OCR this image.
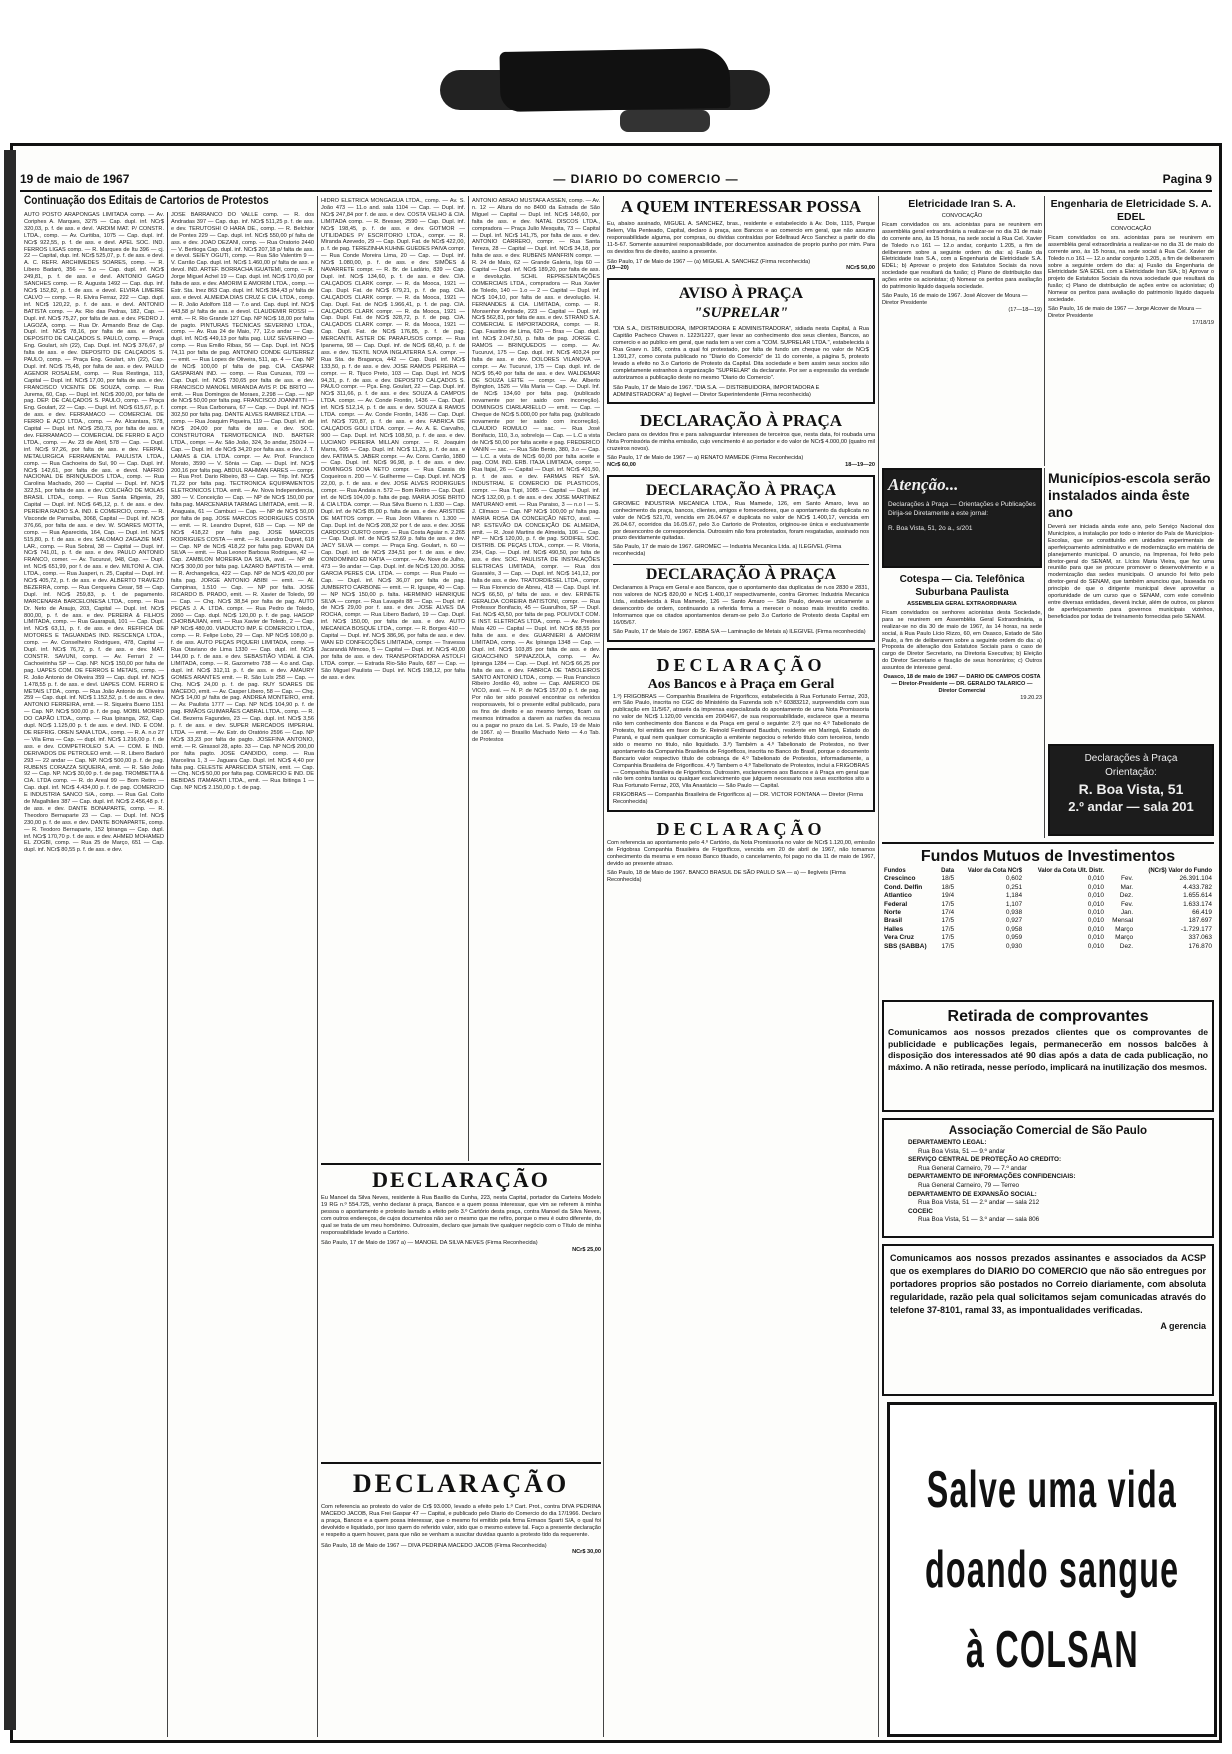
19 de maio de 1967	— DIARIO DO COMERCIO —	Pagina 9
Continuação dos Editais de Cartorios de Protestos
AUTO POSTO ARAPONGAS LIMITADA comp. — Av. Coriphes A. Marques, 3275 — Cap. dupl. inf. NCr$ 320,03, p. f. de ass. e devl. 'ARDIM MAT. P/ CONSTR. LTDA., comp. — Av. Curitiba, 1075 — Cap. dupl. inf. NCr$ 922,55, p. f. de ass. e devl. APEL SOC. IND. FERROS LIGAS comp. — R. Marques de Itu 396 — cj. 22 — Capital, dup. inf. NCr$ 525,07, p. f. de ass. e devl. A. C. REFR. ARCHIMEDES SOARES, comp. — R. Libero Badaró, 356 — 5.o — Cap. dupl. inf. NCr$ 249,81, p. f. de ass. e devl. ANTONIO GAGO SANCHES comp. — R. Augusta 1492 — Cap. dup. inf. NCr$ 152,82, p. f. de ass. e devol. ELVIRA LIMEIRE CALVO — comp. — R. Elvira Ferraz, 222 — Cap. dupl. inf. NCr$ 120,22, p. f. de ass. e devl. ANTONIO BATISTA comp. — Av. Rio das Pedras, 182, Cap. — Dupl. inf. NCr$ 75,27, por falta de ass. e dev. PEDRO J. LAGOZA, comp. — Rua Dr. Armando Braz de Cap. Dupl. inf. NCr$ 78,16, por falta de ass. e devol. DEPOSITO DE CALÇADOS S. PAULO, comp. — Praça Eng. Goulart, s/n (22), Cap. Dupl. inf. NCr$ 376,67, p/ falta de ass. e dev. DEPOSITO DE CALÇADOS S. PAULO, comp. — Praça Eng. Goulart, s/n (22), Cap. Dupl. inf. NCr$ 75,48, por falta de ass. e dev. PAULO AGENOR ROSALEM, comp. — Rua Restinga, 113, Capital — Dupl. inf. NCr$ 17,00, por falta de ass. e dev. FRANCISCO VICENTE DE SOUZA, comp. — Rua Jurema, 60, Cap. — Dupl. inf. NCr$ 200,00, por falta de pag. DEP. DE CALÇADOS S. PAULO, comp. — Praça Eng. Goulart, 22 — Cap. — Dupl. inf. NCr$ 615,67, p. f. de ass. e dev. FERRAMACO — COMERCIAL DE FERRO E AÇO LTDA., comp. — Av. Alcantara, 578, Capital — Dupl. inf. NCr$ 250,73, por falta de ass. e dev. FERRAMACO — COMERCIAL DE FERRO E AÇO LTDA., comp. — Av. 23 de Abril, 578 — Cap. — Dupl. inf. NCr$ 97,26, por falta de ass. e dev. FERPAL METALURGICA FERRAMENTAL PAULISTA LTDA., comp. — Rua Cachoeira do Sul, 90 — Cap. Dupl. inf. NCr$ 142,61, por falta de ass. e devol. NAFRIO NACIONAL DE BRINQUEDOS LTDA., comp. — Rua Carolina Machado, 260 — Capital — Dupl. inf. NCr$ 322,51, por falta de ass. e dev. COLCHÃO DE MOLAS BRASIL LTDA., comp. — Rua Santa Efigenia, 29, Capital — Dupl. inf. NCr$ 645,12, p. f. de ass. e dev. PEREIRA RADIO S.A. IND. E COMERCIO, comp. — R. Visconde de Parnaíba, 3068, Capital — Dupl. inf. NCr$ 376,66, por falta de ass. e dev. W. SOARES MOTTA, comp. — Rua Aparecida, 164, Cap. — Dupl. inf. NCr$ 515,80, p. f. de ass. e dev. SALOMAO ZAGAZIE MAT. LAR., comp. — Rua Sobral, 38 — Capital — Dupl. inf. NCr$ 741,01, p. f. de ass. e dev. PAULO ANTONIO FRANCO, comer. — Av. Tucuruvi, 948, Cap. — Dupl. inf. NCr$ 651,99, por f. de ass. e dev. MILTONI A. CIA. LTDA., comp. — Rua Juaperi, n. 25, Capital — Dupl. inf. NCr$ 405,72, p. f. de ass. e dev. ALBERTO TRAVEZO BEZERRA, comp. — Rua Cerqueira Cesar, 58 — Cap. Dupl. inf. NCr$ 259,83, p. f. de pagamento. MARCENARIA BARCELONESA LTDA., comp. — Rua Dr. Neto de Araujo, 203, Capital — Dupl. inf. NCr$ 800,00, p. f. de ass. e dev. PEREIRA & FILHOS LIMITADA, comp. — Rua Guarapuã, 101 — Cap. Dupl. inf. NCr$ 63,11, p. f. de ass. e dev. REFIFICA DE MOTORES E TAGUANDAS IND. RESCENÇA LTDA., comp. — Av. Conselheiro Rodrigues, 478, Capital — Dupl. inf. NCr$ 76,72, p. f. de ass. e dev. MAT. CONSTR. SAVUNI, comp. — Av. Ferrari 2 — Cachoeirinha SP — Cap. NP. NCr$ 150,00 por falta de pag. UAPES COM. DE FERROS E METAIS, comp. — R. João Antonio de Oliveira 359 — Cap. dupl. inf. NCr$ 1.478,55 p. f. de ass. e devl. UAPES COM. FERRO E METAIS LTDA., comp. — Rua João Antonio de Oliveira 259 — Cap. dupl. inf. NCr$ 1.152,52, p. f. de ass. e dev. ANTONIO FERREIRA, emit. — R. Siqueira Bueno 1151 — Cap. NP. NCr$ 500,00 p. f. de pag. MOBIL MORRO DO CAPÃO LTDA., comp. — Rua Ipiranga, 262, Cap. dupl. NCr$ 1.125,00 p. f. de ass. e devl. IND. E COM. DE REFRIG. OREN SANA LTDA., comp. — R. A. n.o 27 — Vila Ema — Cap. — dupl. inf. NCr$ 1.216,00 p. f. de ass. e dev. COMPETROLEO S.A. — COM. E IND. DERIVADOS DE PETROLEO emit. — R. Libero Badaró 293 — 22 andar — Cap. NP. NCr$ 500,00 p. f. de pag. RUBENS CORAZZA SIQUEIRA, emit. — R. São João 92 — Cap. NP. NCr$ 30,00 p. f. de pag. TROMBETTA & CIA. LTDA comp. — R. do Areal 99 — Bom Retiro — Cap. dupl. inf. NCr$ 4.434,00 p. f. de pag. COMERCIO E INDUSTRIA SANCO S/A., comp. — Rua Gal. Coito de Magalhães 387 — Cap. dupl. inf. NCr$ 2.456,48 p. f. de ass. e dev. DANTE BONAPARTE, comp. — R. Theodoro Bernaparte 23 — Cap. — Dupl. Inf. NCr$ 230,00 p. f. de ass. e dev. DANTE BONAPARTE, comp. — R. Teodoro Bernaparte, 152 Ipiranga — Cap. dupl. inf. NCr$ 170,70 p. f. de ass. e dev. AHMED MOHAMED EL ZOGBI, comp. — Rua 25 de Março, 651 — Cap. dupl. inf. NCr$ 80,55 p. f. de ass. e dev.
JOSE BARRANCO DO VALLE comp. — R. dos Andradas 397 — Cap. dup. inf. NCr$ 511,25 p. f. de ass. e dev. TERUTOSHI O HARA DE., comp. — R. Belchior de Pontes 229 — Cap. dupl. inf. NCr$ 550,00 p/ falta de ass. e dev. JOAO DEZANI, comp. — Rua Oratorio 2440 — V. Bertioga Cap. dupl. inf. NCr$ 207,18 p/ falta de ass. e devol. SEIEY OGUTI, comp. — Rua São Valentim 9 — V. Carrão Cap. dupl. inf. NCr$ 1.460,00 p/ falta de ass. e devol. IND. ARTEF. BORRACHA IGUATEMI, comp. — R. Jorge Miguel Achel 19 — Cap. dupl. inf. NCr$ 170,60 por falta de ass. e dev. AMORIM E AMORIM LTDA., comp. — Estr. Sta. Inez 863 Cap. dupl. inf. NCr$ 384,43 p/ falta de ass. e devol. ALMEIDA DIAS CRUZ E CIA. LTDA., comp. — R. João Adolfom 118 — 7.o and. Cap. dupl. inf. NCr$ 443,58 p/ falta de ass. e devol. CLAUDEMIR ROSSI — emit. — R. Rio Grande 127 Cap. NP NCr$ 18,00 por falta de pagto. PINTURAS TECNICAS SEVERINO LTDA., comp. — Av. Rua 24 de Maio, 77, 12.o andar — Cap. dupl. inf. NCr$ 449,13 por falta pag. LUIZ SEVERINO — comp. — Rua Emilio Ribas, 56 — Cap. Dupl. inf. NCr$ 74,11 por falta de pag. ANTONIO CONDE GUTERREZ — emit. — Rua Lopes de Oliveira, 511, ap. 4 — Cap. NP de NCr$ 100,00 p/ falta de pag. CIA. CASPAR GASPARIAN IND. — comp. — Rua Curuzas, 709 — Cap. Dupl. inf. NCr$ 730,65 por falta de ass. e dev. FRANCISCO MANOEL MIRANDA AVIS P. DE BRITO — emit. — Rua Domingos de Moraes, 2.298 — Cap. — NP de NCr$ 50,00 por falta pag. FRANCISCO JOANNITTI — compr. — Rua Carbonara, 67 — Cap. — Dupl. inf. NCr$ 302,50 por falta pag. DANTE ALVES RAMIREZ LTDA. — comp. — Rua Joaquim Piqueira, 119 — Cap. Dupl. inf. de NCr$ 204,00 por falta de ass. e dev. SOC. CONSTRUTORA TERMOTECNICA IND. BARTER LTDA., compr. — Av. São João, 324, 3o andar, 250/24 — Cap. — Dupl. inf. de NCr$ 34,20 por falta ass. e dev. J. T. LAMAS & CIA. LTDA. compr. — Av. Prof. Francisco Morato, 3590 — V. Sônia — Cap. — Dupl. inf. NCr$ 200,16 por falta pag. ABDUL RAHMAN FARES — compr. — Rua Prof. Dario Ribeiro, 83 — Cap. — Trip. Inf. NCr$ 71,22 por falta pag. TECTRONICA EQUIPAMENTOS ELETRONICOS LTDA. emit. — Av. Nova Independencia, 380 — V. Conceição — Cap. — NP de NCr$ 150,00 por falta pag. MARCENARIA TARMAG LIMITADA, emit. — R. Anaguaia, 61 — Cambuci — Cap. — NP de NCr$ 50,00 por falta de pag. JOSE MARCOS RODRIGUES COSTA — emit. — R. Leandro Dupret, 618 — Cap. — NP de NCr$ 418,22 por falta pag. JOSE MARCOS RODRIGUES COSTA — emit. — R. Leandro Dupret, 618 — Cap. NP de NCr$ 418,22 por falta pag. EDVAN DA SILVA — emit. — Rua Leonor Barbosa Rodrigues, 42 — Cap. ZAMBLON MOREIRA DA SILVA, aval. — NP de NCr$ 300,00 por falta pag. LAZARO BAPTISTA — emit. — R. Archangelica, 422 — Cap. NP de NCr$ 420,00 por falta pag. JORGE ANTONIO ABIBI — emit. — Al. Campinas, 1.510 — Cap. — NP por falta. JOSE RICARDO B. PRADO, emit. — R. Xavier de Toledo, 99 — Cap. — Chq. NCr$ 38,54 por falta de pag. AUTO PEÇAS J. A. LTDA. compr. — Rua Pedro de Toledo, 2060 — Cap. dupl. NCr$ 120,00 p. f. de pag. HAGOP CHORBAJIAN, emit. — Rua Xavier de Toledo, 2 — Cap. NP NCr$ 480,00. VIADUCTO IMP. E COMERCIO LTDA., comp. — R. Felipe Lobo, 29 — Cap. NP NCr$ 108,00 p. f. de ass. AUTO PEÇAS PIQUERI LIMITADA, comp. — Rua Otaviano de Lima 1330 — Cap. dupl. inf. NCr$ 144,00 p. f. de ass. e dev. SEBASTIÃO VIDAL & CIA. LIMITADA, comp. — R. Gazometro 738 — 4.o and. Cap. dupl. inf. NCr$ 312,11 p. f. de ass. e dev. AMAURY GOMES ARANTES emit. — R. São Luís 258 — Cap. — Chq. NCr$ 24,00 p. f. de pag. RUY SOARES DE MACEDO, emit. — Av. Casper Libero, 58 — Cap. — Chq. NCr$ 14,00 p/ falta de pag. ANDREA MONTEIRO, emit. — Av. Paulista 1777 — Cap. NP NCr$ 104,90 p. f. de pag. IRMÃOS GUIMARÃES CABRAL LTDA., comp. — R. Cel. Bezerra Fagundes, 23 — Cap. dupl. inf. NCr$ 3,56 p. f. de ass. e dev. SUPER MERCADOS IMPERIAL LTDA. — emit. — Av. Estr. do Oratório 2596 — Cap. NP NCr$ 33,23 por falta de pagto. JOSEFINA ANTONIO, emit. — R. Girassol 28, apto. 33 — Cap. NP NCr$ 200,00 por falta pagto. JOSE CANDIDO, comp. — Rua Marcelina 1, 3 — Jaguara Cap. Dupl. inf. NCr$ 4,40 por falta pag. CELESTE APARECIDA STEIN, emit. — Cap. — Chq. NCr$ 50,00 por falta pag. COMERCIO E IND. DE BEBIDAS ITAMARATI LTDA., emit. — Rua Ibitinga 1 — Cap. NP NCr$ 2.150,00 p. f. de pag.
HIDRO ELETRICA MONGAGUA LTDA., comp. — Av. S. João 473 — 11.o and. sala 1104 — Cap. — Dupl. inf. NCr$ 247,84 por f. de ass. e dev. COSTA VELHO & CIA. LIMITADA comp. — R. Bresser, 2590 — Cap. Dupl. inf. NCr$ 198,45, p. f. de ass. e dev. GOTMOR — UTILIDADES P/ ESCRITORIO LTDA., compr. — R. Miranda Azevedo, 29 — Cap. Dupl. Fat. de NCr$ 422,00, p. f. de pag. TEREZINHA KUHNE GUEDES PAIVA compr. — Rua Conde Moreira Lima, 20 — Cap. — Dupl. inf. NCr$ 1.080,00, p. f. de ass. e dev. SIMÕES & NAVARRETE compr. — R. Br. de Ladário, 839 — Cap. Dupl. inf. NCr$ 134,60, p. f. de ass. e dev. CIA. CALÇADOS CLARK compr. — R. da Mooca, 1921 — Cap. Dupl. Fat. de NCr$ 679,21, p. f. de pag. CIA. CALÇADOS CLARK compr. — R. da Mooca, 1921 — Cap. Dupl. Fat. de NCr$ 1.966,41, p. f. de pag. CIA. CALÇADOS CLARK compr. — R. da Mooca, 1921 — Cap. Dupl. Fat. de NCr$ 328,72, p. f. de pag. CIA. CALÇADOS CLARK compr. — R. da Mooca, 1921 — Cap. Dupl. Fat. de NCr$ 176,85, p. f. de pag. MERCANTIL ASTER DE PARAFUSOS compr. — Rua Ipanema, 98 — Cap. Dupl. inf. de NCr$ 68,40, p. f. de ass. e dev. TEXTIL NOVA INGLATERRA S.A. compr. — Rua Sta. de Bragança, 442 — Cap. Dupl. inf. NCr$ 133,50, p. f. de ass. e dev. JOSE RAMOS PEREIRA — compr. — R. Tijuco Preto, 103 — Cap. Dupl. inf. NCr$ 94,31, p. f. de ass. e dev. DEPOSITO CALÇADOS S. PAULO compr. — Pça. Eng. Goulart, 22 — Cap. Dupl. inf. NCr$ 311,66, p. f. de ass. e dev. SOUZA & CAMPOS LTDA. compr. — Av. Conde Frontin, 1436 — Cap. Dupl. inf. NCr$ 512,14, p. f. de ass. e dev. SOUZA & RAMOS LTDA. compr. — Av. Conde Frontin, 1436 — Cap. Dupl. inf. NCr$ 720,87, p. f. de ass. e dev. FABRICA DE CALÇADOS GOLI LTDA. compr. — Av. A. E. Carvalho, 900 — Cap. Dupl. inf. NCr$ 108,50, p. f. de ass. e dev. LUCIANO PEREIRA MILLAN compr. — R. Joaquim Marra, 605 — Cap. Dupl. inf. NCr$ 11,23, p. f. de ass. e dev. FATIMA S. JABER compr. — Av. Cons. Carrão, 1880 — Cap. Dupl. inf. NCr$ 96,98, p. f. de ass. e dev. DOMINGOS DOIA NETO compr. — Rua Cassia do Coqueiros n. 200 — V. Guilherme — Cap. Dupl. inf. NCr$ 22,00, p. f. de ass. e dev. JOSE ALVES RODRIGUES compr. — Rua Andaia n. 572 — Bom Retiro — Cap. Dupl. inf. de NCr$ 104,00 p. falta de pag. MARIA JOSE BRITO & CIA LTDA. compr. — Rua Silva Bueno n. 1.830 — Cap. Dupl. inf. de NCr$ 85,00 p. falta de ass. e dev. ARISTIDE DE MATTOS compr. — Rua Joon Villares n. 1.300 — Cap. Dupl. inf. de NCr$ 208,32 por f. de ass. e dev. JOSE CARDOSO CURTO compr. — Rua Costa Aguiar n. 2.265 — Cap. Dupl. inf. de NCr$ 52,69 p. falta de ass. e dev. JACY SILVA — compr. — Praça Eng. Goulart, n. 60 — Cap. Dupl. inf. de NCr$ 234,51 por f. de ass. e dev. CONDOMINIO ED KATIA — compr. — Av. Nove de Julho, 473 — 9o andar — Cap. Dupl. inf. de NCr$ 120,00. JOSE GARCIA PERES CIA. LTDA. — compr. — Rua Paulo — Cap. — Dupl. inf. NCr$ 36,07 por falta de pag. JUMBERTO CARBONE — emit. — R. Iguape, 40 — Cap. — NP NCr$ 150,00 p. falta. HERMINIO HENRIQUE SILVA — compr. — Rua Lavapés 88 — Cap. — Dupl. inf. de NCr$ 29,00 por f. ass. e dev. JOSE ALVES DA ROCHA, compr. — Rua Libero Badaró, 19 — Cap. Dupl. inf. NCr$ 150,00, por falta de ass. e dev. AUTO MECANICA BOSQUE LTDA., compr. — R. Borges 410 — Capital — Dupl. inf. NCr$ 386,96, por falta de ass. e dev. WAN ED CONFECÇÕES LIMITADA, compr. — Travessa Jacarandá Mimoso, 5 — Capital — Dupl. inf. NCr$ 40,00 por falta de ass. e dev. TRANSPORTADORA ASTOLFI LTDA. compr. — Estrada Rio-São Paulo, 687 — Cap. — São Miguel Paulista — Dupl. inf. NCr$ 198,12, por falta de ass. e dev.
ANTONIO ABRÃO MUSTAFA ASSEN, comp. — Av. n. 12 — Altura do no 8400 da Estrada de São Miguel — Capital — Dupl. inf. NCr$ 148,60, por falta de ass. e dev. NATAL DISCOS LTDA., compradora — Praça Julio Mesquita, 73 — Capital — Dupl. inf. NCr$ 141,75, por falta de ass. e dev. ANTONIO CARRERO, compr. — Rua Santa Tereza, 28 — Capital — Dupl. inf. NCr$ 34,18, por falta de ass. e dev. RUBENS MANFRIN compr. — R. 24 de Maio, 62 — Grande Galeria, loja 60 — Capital — Dupl. inf. NCr$ 189,20, por falta de ass. e devolução. SCHIL REPRESENTAÇÕES COMERCIAIS LTDA., compradora — Rua Xavier de Toledo, 140 — 1.o — 2 — Capital — Dupl. inf. NCr$ 104,10, por falta de ass. e devolução. H. FERNANDES & CIA. LIMITADA, comp. — R. Monsenhor Andrade, 223 — Capital — Dupl. inf. NCr$ 562,81, por falta de ass. e dev. STRANO S.A. COMERCIAL E IMPORTADORA, compr. — R. Cap. Faustino de Lima, 620 — Bras — Cap. dupl. inf. NCr$ 2.047,50, p. falta de pag. JORGE C. RAMOS — BRINQUEDOS — comp. — Av. Tucuruvi, 175 — Cap. dupl. inf. NCr$ 403,24 por falta de ass. e dev. DOLORES VILANOVA — compr. — Av. Tucuruvi, 175 — Cap. dupl. inf. de NCr$ 95,40 por falta de ass. e dev. WALDEMAR DE SOUZA LEITE — compr. — Av. Alberto Byington, 1526 — Vila Maria — Cap. — Dupl. Inf. de NCr$ 134,60 por falta pag. (publicado novamente por ter saido com incorreção). DOMINGOS CIARLARIELLO — emit. — Cap. — Cheque de NCr$ 5.000,00 por falta pag. (publicado novamente por ter saido com incorreção). CLAUDIO ROMULO — sac. — Rua José Bonifacio, 110, 3.o, sobreloja — Cap. — L.C a vista de NCr$ 50,00 por falta aceite e pag. FREDERICO VANIN — sac. — Rua São Bento, 380, 3.o — Cap. — L.C. a vista de NCr$ 60,00 por falta aceite e pag. COM. IND. ERB. ITAJA LIMITADA, compr. — Rua Itajaí, 26 — Capital — Dupl. inf. NCr$ 401,50, p. f. de ass. e dev. FARMAS REY S/A. INDUSTRIAL E COMERCIO DE PLASTICOS, compr. — Rua Tupi, 1085 — Capital — Dupl. inf. NCr$ 132,00, p. f. de ass. e dev. JOSE MARTINEZ MATURANO emit. — Rua Paraiso, 3 — n.o I — S. J. Clímaco — Cap. NP NCr$ 100,00 p/ falta pag. MARIA ROSA DA CONCEIÇÃO NETO, aval. — NP. ESTEVÃO DA CONCEIÇÃO DE ALMEIDA, emit. — R. José Martins de Almeida, 106 — Cap. NP — NCr$ 120,00, p. f. de pag. SODIFEL SOC. DISTRIB. DE PEÇAS LTDA., compr. — R. Vitoria, 234, Cap. — Dupl. inf. NCr$ 490,50, por falta de ass. e dev. SOC. PAULISTA DE INSTALAÇÕES ELETRICAS LIMITADA, compr. — Rua dos Guaraiés, 3 — Cap. — Dupl. inf. NCr$ 141,12, por falta de ass. e dev. TRATORDIESEL LTDA., compr. — Rua Florencio de Abreu, 418 — Cap. Dupl. inf. NCr$ 66,50, p/ falta de ass. e dev. ERINETE GERALDA COREIRA BATISTONI, compr. — Rua Professor Bonifacio, 45 — Guarulhos, SP — Dupl. Fat. NCr$ 43,50, por falta de pag. POLIVOLT COM. E INST. ELETRICAS LTDA., comp. — Av. Prestes Maia 420 — Capital — Dupl. inf. NCr$ 88,55 por falta de ass. e dev. GUARNIERI & AMORIM LIMITADA, comp. — Av. Ipiranga 1348 — Cap. — Dupl. inf. NCr$ 103,85 por falta de ass. e dev. GIOACCHINO SPINAZZOLA, comp. — Av. Ipiranga 1284 — Cap. — Dupl. inf. NCr$ 66,25 por falta de ass. e dev. FABRICA DE TABOLEIROS SANTO ANTONIO LTDA., comp. — Rua Francisco Ribeiro Jordão 49, sobre — Cap. AMERICO DE VICO, aval. — N. P. de NCr$ 157,00 p. f. de pag. Por não ter sido possivel encontrar os referidos responsaveis, foi o presente edital publicado, para os fins de direito e ao mesmo tempo, ficam os mesmos intimados a darem as razões da recusa ou a pagar no prazo da Lei. S. Paulo, 19 de Maio de 1967. a) — Brasilio Machado Neto — 4.o Tab. de Protestos
DECLARAÇÃO
Eu Manoel da Silva Neves, residente à Rua Basílio da Cunha, 223, nesta Capital, portador da Carteira Modelo 19 RG n.º 554.725, venho declarar à praça, Bancos e a quem possa interessar, que vim se referem à minha pessoa o apontamento e protesto lavrado a efeito pelo 3.º Cartório desta praça, contra Manoel da Silva Neves, com outros endereços, de cujos documentos não ser o mesmo que me refiro, porque o meu é outro diferente, do qual se trata de um meu homônimo. Outrossim, declaro que jamais tive qualquer negócio com o Título de minha responsabilidade levado a Cartório.
São Paulo, 17 de Maio de 1967 a) — MANOEL DA SILVA NEVES (Firma Reconhecida)
NCr$ 25,00
DECLARAÇÃO
Com referencia ao protesto do valor de Cr$ 93.000, levado a efeito pelo 1.º Cart. Prot., contra DIVA PEDRINA MACEDO JACOB, Rua Frei Gaspar 47 — Capital, e publicado pelo Diario do Comercio do dia 17/1966. Declaro a praça, Bancos e a quem possa interessar, que o mesmo foi emitido pela firma Ermaos Sparti S/A, o qual foi devolvido e liquidado, por isso quem do referido valor, sido que o mesmo esteve tal. Faço a presente declaração e respeito a quem houver, para que não se venham a suscitar duvidas quanto a protesto tido da requerente.
São Paulo, 18 de Maio de 1967 — DIVA PEDRINA MACEDO JACOB (Firma Reconhecida)
NCr$ 30,00
A QUEM INTERESSAR POSSA
Eu, abaixo assinado, MIGUEL A. SANCHEZ, bras., residente e estabelecido à Av. Dois, 1115, Parque Belem, Vila Penteado, Capital, declaro à praça, aos Bancos e ao comercio em geral, que não assumo responsabilidade alguma, por compras, ou dividas contraídas por Edeltraud Arco Sanchez a partir do dia 11-5-67. Somente assumirei responsabilidade, por documentos assinados de proprio punho por mim. Para os devidos fins de direito, assino a presente.
São Paulo, 17 de Maio de 1967 — (a) MIGUEL A. SANCHEZ (Firma reconhecida)
(19—20)	NCr$ 50,00
AVISO À PRAÇA
"SUPRELAR"
"DIA S.A., DISTRIBUIDORA, IMPORTADORA E ADMINISTRADORA", sidiada nesta Capital, à Rua Capitão Pacheco Chaves n. 1223/1227, quer levar ao conhecimento dos seus clientes, Bancos, ao comercio e ao publico em geral, que nada tem a ver com a "COM. SUPRELAR LTDA.", estabelecida à Rua Graev n. 186, contra a qual foi protestado, por falta de fundo um cheque no valor de NCr$ 1.391,27, como consta publicado no "Diario do Comercio" de 11 do corrente, a página 5, protesto levado a efeito no 3.o Cartorio de Protesto da Capital. Dita sociedade e bem assim seus socios são completamente estranhos à organização "SUPRELAR" da declarante. Por ser a expressão da verdade autorizamos a publicação deste no mesmo "Diario do Comercio".
São Paulo, 17 de Maio de 1967. "DIA S.A. — DISTRIBUIDORA, IMPORTADORA E ADMINISTRADORA" a) Ilegivel — Diretor Superintendente (Firma reconhecida)
DECLARAÇÃO À PRAÇA
Declaro para os devidos fins e para salvaguardar interesses de terceiros que, nesta data, foi roubada uma Nota Promissória de minha emissão, cujo vencimento é ao portador e do valor de NCr$ 4.000,00 (quatro mil cruzeiros novos).
São Paulo, 17 de Maio de 1967 — a) RENATO MAMEDE (Firma Reconhecida)
NCr$ 60,00	18—19—20
DECLARAÇÃO À PRAÇA
GIROMEC INDUSTRIA MECANICA LTDA., Rua Mamede, 126, em Santo Amaro, leva ao conhecimento da praça, bancos, clientes, amigos e fornecedores, que o apontamento da duplicata no valor de NCr$ 521,70, vencida em 26.04.67 e duplicata no valor de NCr$ 1.400,17, vencida em 26.04.67, ocorridos dia 16.05.67, pelo 3.o Cartorio de Protestos, originou-se única e exclusivamente por desencontro de correspondencia. Outrossim não fora protestados, foram resgatadas, assinado nos prazo devidamente quitadas.
São Paulo, 17 de maio de 1967. GIROMEC — Industria Mecanica Ltda. a) ILEGIVEL (Firma reconhecida)
DECLARAÇÃO À PRAÇA
Declaramos à Praça em Geral e aos Bancos, que o apontamento das duplicatas de n.os 2830 e 2831, nos valores de NCr$ 820,00 e NCr$ 1.400,17 respectivamente, contra Giromec Industria Mecanica Ltda., estabelecida à Rua Mamede, 126 — Santo Amaro — São Paulo, deveu-se unicamente a desencontro de ordem, continuando a referida firma a merecer o nosso mais irrestrito credito. Informamos que os citados apontamentos deram-se pelo 3.o Cartorio de Protesto desta Capital em 16/05/67.
São Paulo, 17 de Maio de 1967. EBBA S/A — Laminação de Metais a) ILEGIVEL (Firma reconhecida)
DECLARAÇÃO
Aos Bancos e à Praça em Geral
1.º) FRIGOBRAS — Companhia Brasileira de Frigorificos, estabelecida à Rua Fortunato Ferraz, 203, em São Paulo, inscrita no CGC do Ministério da Fazenda sob n.º 60383212, surpreendida com sua publicação em 11/5/67, através da imprensa especializada do apontamento de uma Nota Promissoria no valor de NCr$ 1.120,00 vencida em 20/04/67, de sua responsabilidade, esclarece que a mesma não tem conhecimento dos Bancos e da Praça em geral o seguinte: 2.º) que no 4.º Tabelionato de Protesto, foi emitida em favor do Sr. Reinold Ferdinand Baudish, residente em Maringá, Estado do Paraná, e qual nem qualquer comunicação a emitente negociou o referido titulo com terceiros, tendo sido o mesmo no titulo, não liquidado. 3.º) Também a 4.º Tabelionato de Protestos, no tiver apontamento da Companhia Brasileira de Frigorificos, inscrita no Banco do Brasil, porque o documento Bancario valor respectivo título de cobrança de 4.º Tabelionato de Protestos, informadamente, a Companhia Brasileira de Frigorificos. 4.º) Tambem o 4.º Tabelionato de Protestos, inclui a FRIGOBRAS — Companhia Brasileira de Frigorificos. Outrossim, esclarecemos aos Bancos e à Praça em geral que não tem contra tantas ou qualquer esclarecimento que julguem necessario nos seus escritorios sito a Rua Fortunato Ferraz, 203, Vila Anastácio — São Paulo — Capital.
FRIGOBRAS — Companhia Brasileira de Frigorificos a) — DR. VICTOR FONTANA — Diretor (Firma Reconhecida)
DECLARAÇÃO
Com referencia ao apontamento pelo 4.º Cartório, da Nota Promissoria no valor de NCr$ 1.120,00, emissão de Frigobras Companhia Brasileira de Frigorificos, vencida em 20 de abril de 1967, não tomamos conhecimento da mesma e em nosso Banco tituado, o cancelamento, foi pago no dia 11 de maio de 1967, devido ao presente atraso.
São Paulo, 18 de Maio de 1967. BANCO BRASUL DE SÃO PAULO S/A — a) — Ilegíveis (Firma Reconhecida)
Eletricidade Iran S. A.
CONVOCAÇÃO
Ficam convidados os srs. acionistas para se reunirem em assembléia geral extraordinária a realizar-se no dia 31 de maio do corrente ano, às 15 horas, na sede social à Rua Cel. Xavier de Toledo n.o 161 — 12.o andar, conjunto 1.205, a fim de deliberarem sobre a seguinte ordem do dia: a) Fusão da Eletricidade Iran S.A., com a Engenharia de Eletricidade S.A. EDEL; b) Aprovar o projeto dos Estatutos Sociais da nova sociedade que resultará da fusão; c) Plano de distribuição das ações entre os acionistas; d) Nomear os peritos para avaliação do patrimonio liquido daquela sociedade.
São Paulo, 16 de maio de 1967. José Alcover de Moura — Diretor Presidente
(17—18—19)
Engenharia de Eletricidade S. A. EDEL
CONVOCAÇÃO
Ficam convidados os srs. acionistas para se reunirem em assembléia geral extraordinária a realizar-se no dia 31 de maio do corrente ano, às 15 horas, na sede social à Rua Cel. Xavier de Toledo n.o 161 — 12.o andar conjunto 1.205, a fim de deliberarem sobre a seguinte ordem do dia: a) Fusão da Engenharia de Eletricidade S/A EDEL com a Eletricidade Iran S/A.; b) Aprovar o projeto de Estatutos Sociais da nova sociedade que resultará da fusão; c) Plano de distribuição de ações entre os acionistas; d) Nomear os peritos para avaliação do patrimonio liquido daquela sociedade.
São Paulo, 16 de maio de 1967 — Jorge Alcover de Moura — Diretor Presidente
17/18/19
Atenção...
Declarações à Praça — Orientações e Publicações Dirija-se Diretamente a este jornal:
R. Boa Vista, 51, 2o a., s/201
Cotespa — Cia. Telefônica Suburbana Paulista
ASSEMBLEIA GERAL EXTRAORDINARIA
Ficam convidados os senhores acionistas desta Sociedade, para se reunirem em Assembléia Geral Extraordinária, a realizar-se no dia 30 de maio de 1967, às 14 horas, na sede social, à Rua Paulo Lício Rizzo, 60, em Osasco, Estado de São Paulo, a fim de deliberarem sobre a seguinte ordem do dia: a) Proposta de alteração dos Estatutos Sociais para o caso de cargo de Diretor Secretario, na Diretoria Executiva; b) Eleição do Diretor Secretario e fixação de seus honorários; c) Outros assuntos de interesse geral.
Osasco, 18 de maio de 1967 — DARIO DE CAMPOS COSTA — Diretor-Presidente — DR. GERALDO TALARICO — Diretor Comercial
19.20.23
Municípios-escola serão instalados ainda êste ano
Deverá ser iniciada ainda este ano, pelo Serviço Nacional dos Municípios, a instalação por todo o interior do País de Municípios-Escolas, que se constituirão em unidades experimentais de aperfeiçoamento administrativo e de modernização em matéria de planejamento municipal. O anuncio, na Imprensa, foi feito pelo diretor-geral do SENAM, sr. Lícios Maria Vieira, que fez uma reunião para que se procure promover o desenvolvimento e a modernização das sedes municipais. O anuncio foi feito pelo diretor-geral do SENAM, que também anunciou que, baseada no princípio de que o dirigente municipal deve aproveitar a oportunidade de um curso que o SENAM, com este convênio entre diversas entidades, deverá incluir, além de outros, os planos de aperfeiçoamento para governos municipais vizinhos, beneficiados por todas de treinamento fornecidas pelo SENAM.
Declarações à Praça
Orientação:
R. Boa Vista, 51
2.º andar — sala 201
Fundos Mutuos de Investimentos
Fundos	Data	Valor da Cota NCr$	Valor da Cota Ult. Distr.		(NCr$) Valor do Fundo
Crescinco	18/5	0,602	0,010	Fev.	26.391.104
Cond. Delfin	18/5	0,251	0,010	Mar.	4.433.782
Atlantico	19/4	1,184	0,010	Dez.	1.655.614
Federal	17/5	1,107	0,010	Fev.	1.633.174
Norte	17/4	0,938	0,010	Jan.	66.419
Brasil	17/5	0,927	0,010	Mensal	187.697
Halles	17/5	0,958	0,010	Março	-1.729.177
Vera Cruz	17/5	0,959	0,010	Março	337.063
SBS (SABBA)	17/5	0,930	0,010	Dez.	176.870
Retirada de comprovantes
Comunicamos aos nossos prezados clientes que os comprovantes de publicidade e publicações legais, permanecerão em nossos balcões à disposição dos interessados até 90 dias após a data de cada publicação, no máximo. A não retirada, nesse período, implicará na inutilização dos mesmos.
Associação Comercial de São Paulo
DEPARTAMENTO LEGAL:
Rua Boa Vista, 51 — 9.º andar
SERVIÇO CENTRAL DE PROTEÇÃO AO CREDITO:
Rua General Carneiro, 79 — 7.º andar
DEPARTAMENTO DE INFORMAÇÕES CONFIDENCIAIS:
Rua General Carneiro, 79 — Terreo
DEPARTAMENTO DE EXPANSÃO SOCIAL:
Rua Boa Vista, 51 — 2.º andar — sala 212
COCEIC
Rua Boa Vista, 51 — 3.º andar — sala 806
Comunicamos aos nossos prezados assinantes e associados da ACSP que os exemplares do DIARIO DO COMERCIO que não são entregues por portadores proprios são postados no Correio diariamente, com absoluta regularidade, razão pela qual solicitamos sejam comunicadas através do telefone 37-8101, ramal 33, as impontualidades verificadas.
A gerencia
Salve uma vida
doando sangue
à COLSAN
